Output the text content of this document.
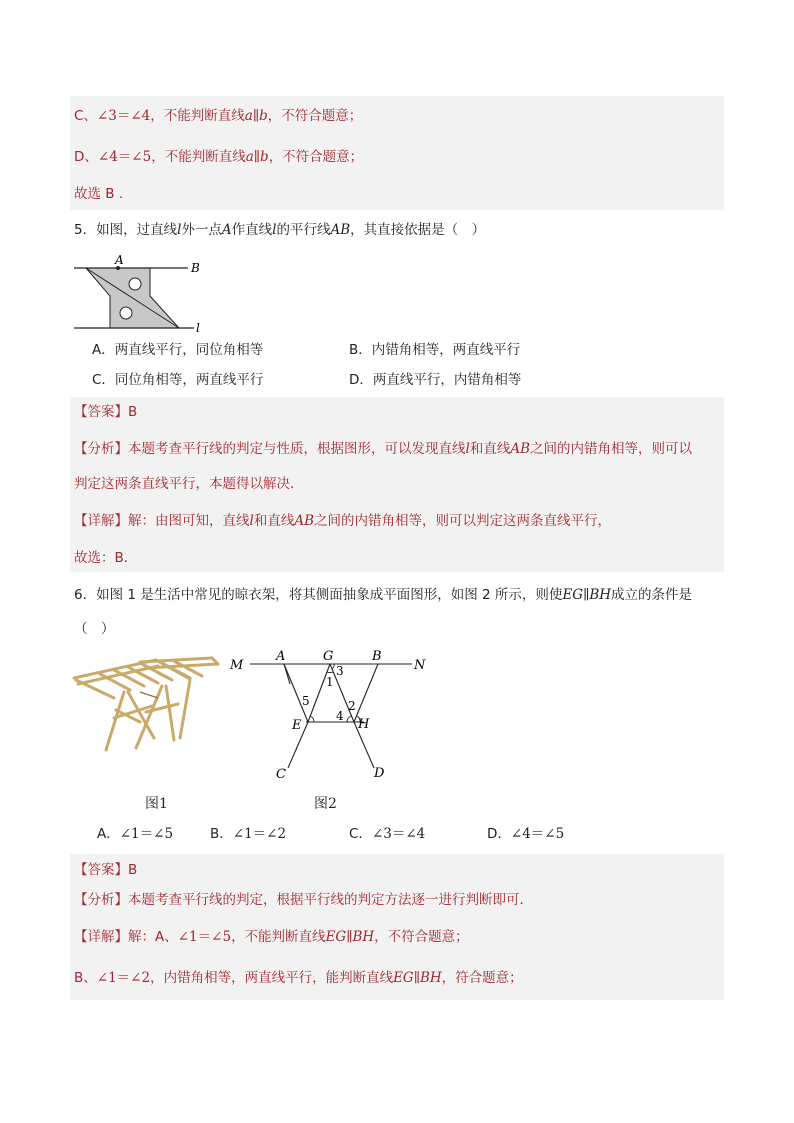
C、∠3＝∠4，不能判断直线a∥b，不符合题意；
D、∠4＝∠5，不能判断直线a∥b，不符合题意；
故选 B .
5．如图，过直线l外一点A作直线l的平行线AB，其直接依据是（　）
A
B
l
A．两直线平行，同位角相等	B．内错角相等，两直线平行
C．同位角相等，两直线平行	D．两直线平行，内错角相等
【答案】B
【分析】本题考查平行线的判定与性质，根据图形，可以发现直线l和直线AB之间的内错角相等，则可以
判定这两条直线平行，本题得以解决．
【详解】解：由图可知，直线l和直线AB之间的内错角相等，则可以判定这两条直线平行，
故选：B．
6．如图 1 是生活中常见的晾衣架，将其侧面抽象成平面图形，如图 2 所示，则使EG∥BH成立的条件是
（　）
图1
M
A	G	B
N
3
1
5	2
4
E	H
C	D
图2
A．∠1＝∠5	B．∠1＝∠2	C．∠3＝∠4	D．∠4＝∠5
【答案】B
【分析】本题考查平行线的判定，根据平行线的判定方法逐一进行判断即可．
【详解】解：A、∠1＝∠5，不能判断直线EG∥BH，不符合题意；
B、∠1＝∠2，内错角相等，两直线平行，能判断直线EG∥BH，符合题意；
